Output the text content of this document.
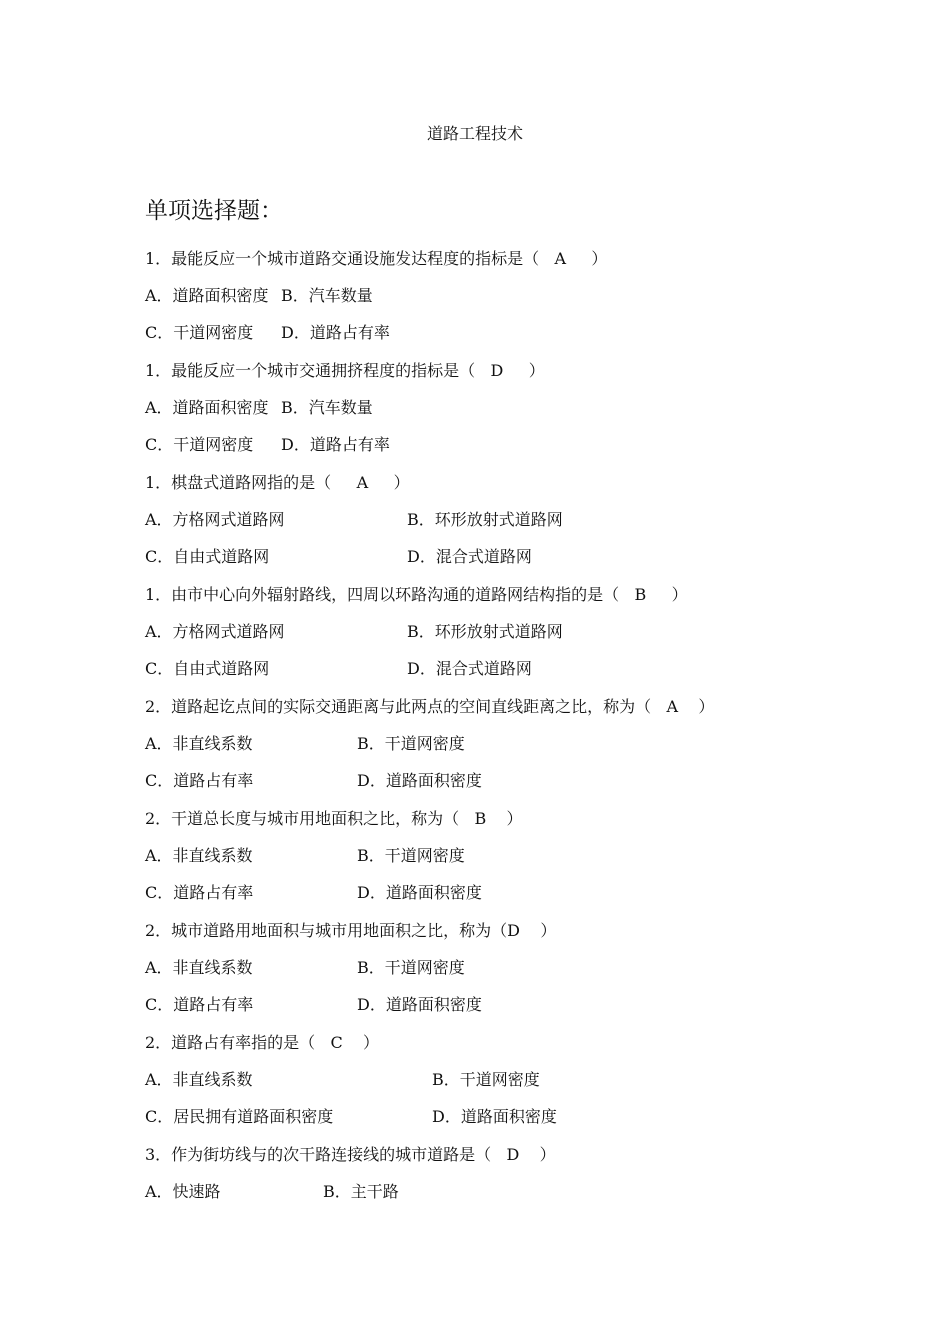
道路工程技术
单项选择题：
1．最能反应一个城市道路交通设施发达程度的指标是（   A     ）

A．道路面积密度

B．汽车数量

C．干道网密度

D．道路占有率

1．最能反应一个城市交通拥挤程度的指标是（   D     ）

A．道路面积密度

B．汽车数量

C．干道网密度

D．道路占有率

1．棋盘式道路网指的是（     A     ）

A．方格网式道路网

	B．环形放射式道路网

C．自由式道路网

	D．混合式道路网

1．由市中心向外辐射路线，四周以环路沟通的道路网结构指的是（   B     ）

A．方格网式道路网

	B．环形放射式道路网

C．自由式道路网

	D．混合式道路网

2．道路起讫点间的实际交通距离与此两点的空间直线距离之比，称为（   A    ）

A．非直线系数

	B．干道网密度

C．道路占有率

	D．道路面积密度

2．干道总长度与城市用地面积之比，称为（   B    ）

A．非直线系数

	B．干道网密度

C．道路占有率

	D．道路面积密度

2．城市道路用地面积与城市用地面积之比，称为（D    ）

A．非直线系数

	B．干道网密度

C．道路占有率

	D．道路面积密度

2．道路占有率指的是（   C    ）

A．非直线系数

	B．干道网密度

C．居民拥有道路面积密度

	D．道路面积密度

3．作为街坊线与的次干路连接线的城市道路是（   D    ）

A．快速路

	B．主干路
